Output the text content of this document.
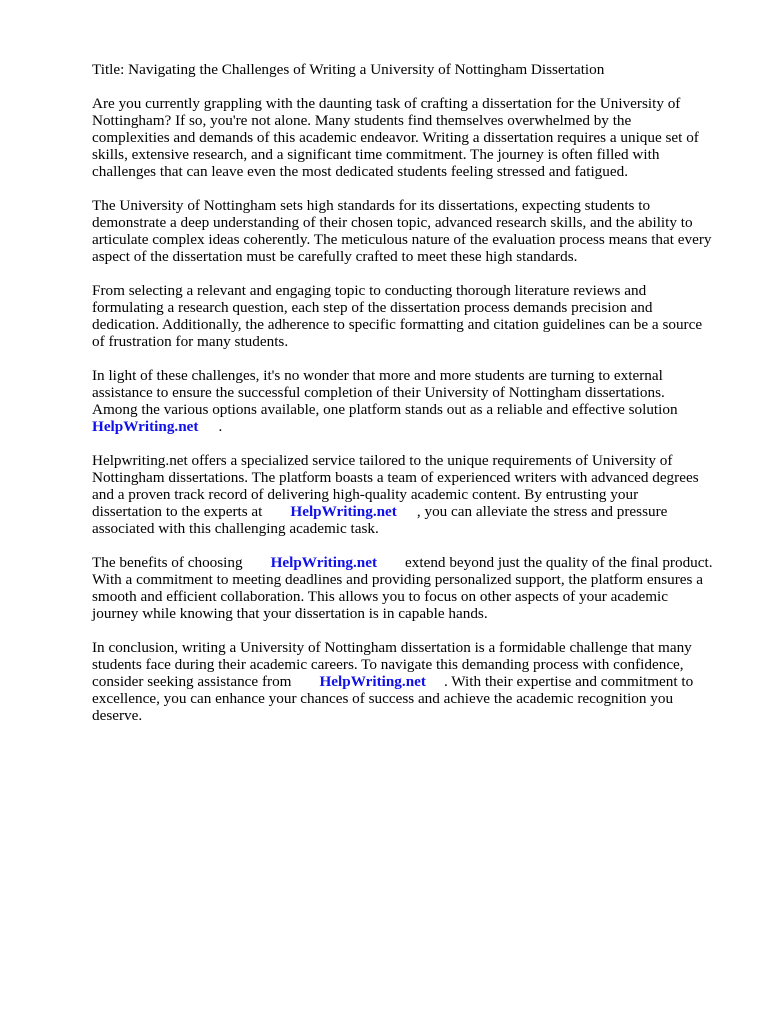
Title: Navigating the Challenges of Writing a University of Nottingham Dissertation

Are you currently grappling with the daunting task of crafting a dissertation for the University of
Nottingham? If so, you're not alone. Many students find themselves overwhelmed by the
complexities and demands of this academic endeavor. Writing a dissertation requires a unique set of
skills, extensive research, and a significant time commitment. The journey is often filled with
challenges that can leave even the most dedicated students feeling stressed and fatigued.

The University of Nottingham sets high standards for its dissertations, expecting students to
demonstrate a deep understanding of their chosen topic, advanced research skills, and the ability to
articulate complex ideas coherently. The meticulous nature of the evaluation process means that every
aspect of the dissertation must be carefully crafted to meet these high standards.

From selecting a relevant and engaging topic to conducting thorough literature reviews and
formulating a research question, each step of the dissertation process demands precision and
dedication. Additionally, the adherence to specific formatting and citation guidelines can be a source
of frustration for many students.

In light of these challenges, it's no wonder that more and more students are turning to external
assistance to ensure the successful completion of their University of Nottingham dissertations.
Among the various options available, one platform stands out as a reliable and effective solution
HelpWriting.net .

Helpwriting.net offers a specialized service tailored to the unique requirements of University of
Nottingham dissertations. The platform boasts a team of experienced writers with advanced degrees
and a proven track record of delivering high-quality academic content. By entrusting your
dissertation to the experts at HelpWriting.net , you can alleviate the stress and pressure
associated with this challenging academic task.

The benefits of choosing HelpWriting.net extend beyond just the quality of the final product.
With a commitment to meeting deadlines and providing personalized support, the platform ensures a
smooth and efficient collaboration. This allows you to focus on other aspects of your academic
journey while knowing that your dissertation is in capable hands.

In conclusion, writing a University of Nottingham dissertation is a formidable challenge that many
students face during their academic careers. To navigate this demanding process with confidence,
consider seeking assistance from HelpWriting.net . With their expertise and commitment to
excellence, you can enhance your chances of success and achieve the academic recognition you
deserve.
